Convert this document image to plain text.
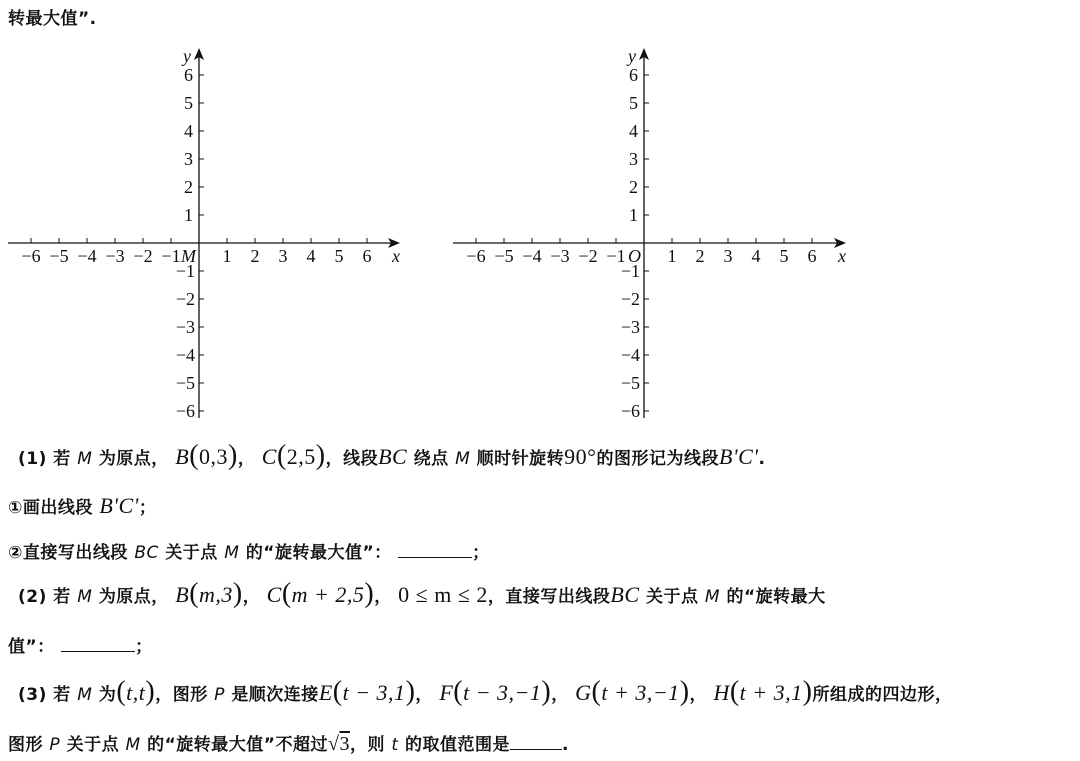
转最大值”.
−6 −5 −4 −3 −2 −1 1 2 3 4 5 6
6
5
4
3
2
1
−1
−2
−3
−4
−5
−6
x
y
M	−6 −5 −4 −3 −2 −1 1 2 3 4 5 6
6
5
4
3
2
1
−1
−2
−3
−4
−5
−6
x
y
O
(1) 若 M 为原点， B(0,3)， C(2,5)，线段BC 绕点 M 顺时针旋转90°的图形记为线段B'C'.
①画出线段 B'C'；
②直接写出线段 BC 关于点 M 的“旋转最大值”：	；
(2) 若 M 为原点， B(m,3)， C(m + 2,5)， 0 ≤ m ≤ 2，直接写出线段BC 关于点 M 的“旋转最大
值”：	；
(3) 若 M 为(t,t)，图形 P 是顺次连接E(t − 3,1)， F(t − 3,−1)， G(t + 3,−1)， H(t + 3,1)所组成的四边形，
图形 P 关于点 M 的“旋转最大值”不超过√3，则 t 的取值范围是	.
